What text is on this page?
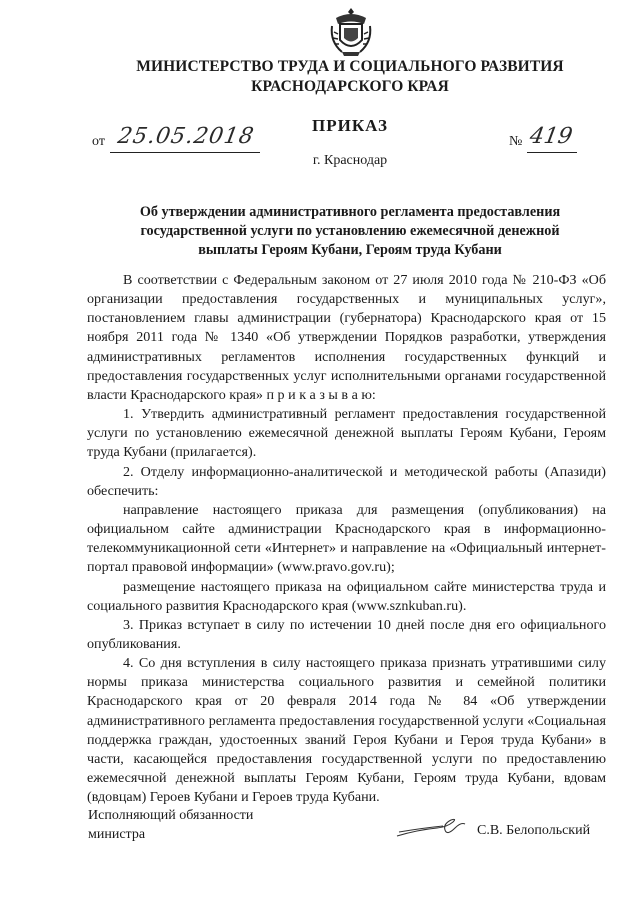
МИНИСТЕРСТВО ТРУДА И СОЦИАЛЬНОГО РАЗВИТИЯ
КРАСНОДАРСКОГО КРАЯ
ПРИКАЗ
от 25.05.2018	№ 419
г. Краснодар
Об утверждении административного регламента предоставления
государственной услуги по установлению ежемесячной денежной
выплаты Героям Кубани, Героям труда Кубани

В соответствии с Федеральным законом от 27 июля 2010 года № 210-ФЗ «Об организации предоставления государственных и муниципальных услуг», постановлением главы администрации (губернатора) Краснодарского края от 15 ноября 2011 года № 1340 «Об утверждении Порядков разработки, утверждения административных регламентов исполнения государственных функций и предоставления государственных услуг исполнительными органами государственной власти Краснодарского края» п р и к а з ы в а ю:

1. Утвердить административный регламент предоставления государственной услуги по установлению ежемесячной денежной выплаты Героям Кубани, Героям труда Кубани (прилагается).

2. Отделу информационно-аналитической и методической работы (Апазиди) обеспечить:

направление настоящего приказа для размещения (опубликования) на официальном сайте администрации Краснодарского края в информационно-телекоммуникационной сети «Интернет» и направление на «Официальный интернет-портал правовой информации» (www.pravo.gov.ru);

размещение настоящего приказа на официальном сайте министерства труда и социального развития Краснодарского края (www.sznkuban.ru).

3. Приказ вступает в силу по истечении 10 дней после дня его официального опубликования.

4. Со дня вступления в силу настоящего приказа признать утратившими силу нормы приказа министерства социального развития и семейной политики Краснодарского края от 20 февраля 2014 года № 84 «Об утверждении административного регламента предоставления государственной услуги «Социальная поддержка граждан, удостоенных званий Героя Кубани и Героя труда Кубани» в части, касающейся предоставления государственной услуги по предоставлению ежемесячной денежной выплаты Героям Кубани, Героям труда Кубани, вдовам (вдовцам) Героев Кубани и Героев труда Кубани.

Исполняющий обязанности
министра	С.В. Белопольский
